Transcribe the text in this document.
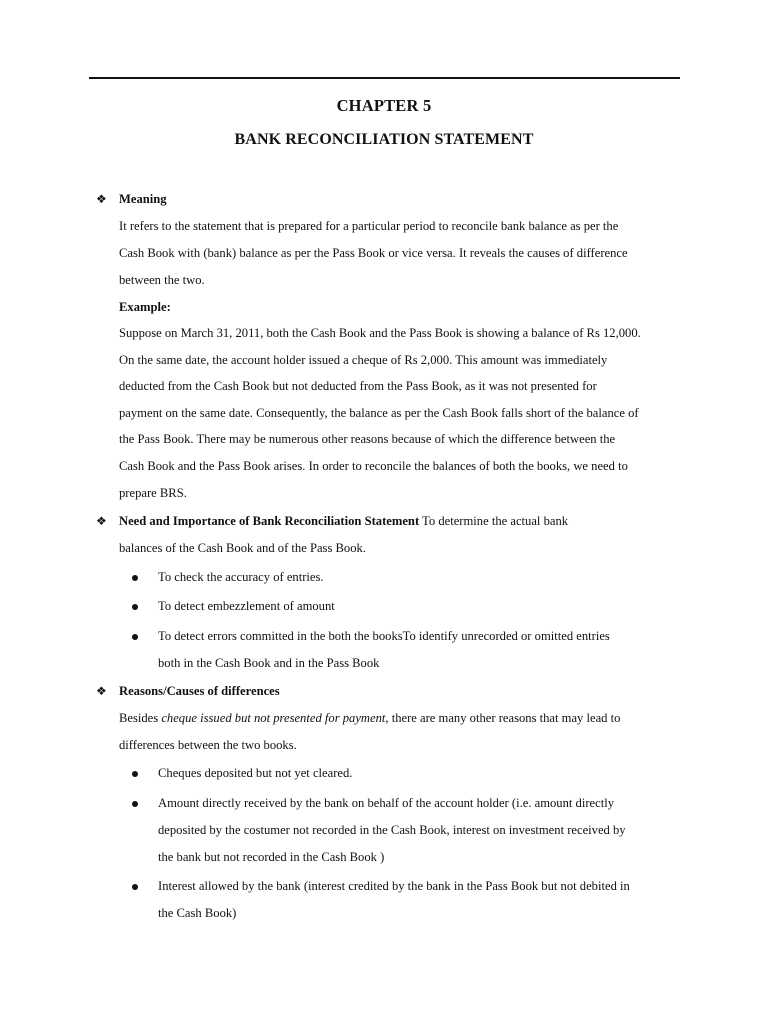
CHAPTER 5
BANK RECONCILIATION STATEMENT
❖ Meaning
It refers to the statement that is prepared for a particular period to reconcile bank balance as per the
Cash Book with (bank) balance as per the Pass Book or vice versa. It reveals the causes of difference
between the two.
Example:
Suppose on March 31, 2011, both the Cash Book and the Pass Book is showing a balance of Rs 12,000.
On the same date, the account holder issued a cheque of Rs 2,000. This amount was immediately
deducted from the Cash Book but not deducted from the Pass Book, as it was not presented for
payment on the same date. Consequently, the balance as per the Cash Book falls short of the balance of
the Pass Book. There may be numerous other reasons because of which the difference between the
Cash Book and the Pass Book arises. In order to reconcile the balances of both the books, we need to
prepare BRS.
❖ Need and Importance of Bank Reconciliation Statement To determine the actual bank
balances of the Cash Book and of the Pass Book.
To check the accuracy of entries.
To detect embezzlement of amount
To detect errors committed in the both the booksTo identify unrecorded or omitted entries
both in the Cash Book and in the Pass Book
❖ Reasons/Causes of differences
Besides cheque issued but not presented for payment, there are many other reasons that may lead to
differences between the two books.
Cheques deposited but not yet cleared.
Amount directly received by the bank on behalf of the account holder (i.e. amount directly
deposited by the costumer not recorded in the Cash Book, interest on investment received by
the bank but not recorded in the Cash Book )
Interest allowed by the bank (interest credited by the bank in the Pass Book but not debited in
the Cash Book)
